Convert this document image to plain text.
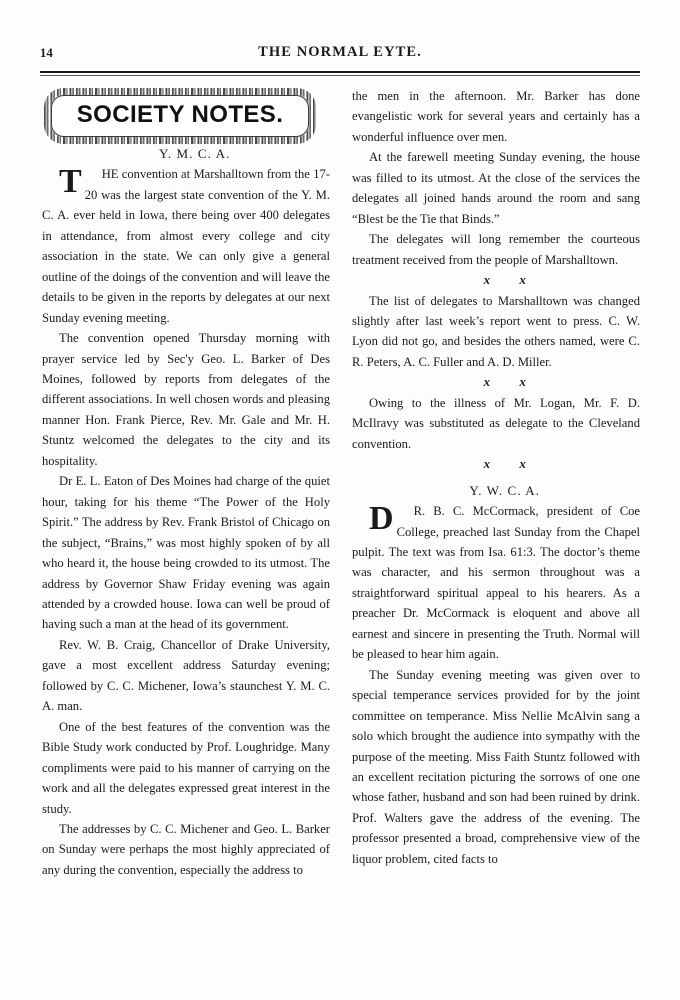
14	THE NORMAL EYTE.
SOCIETY NOTES.

Y. M. C. A.

T HE convention at Marshalltown from the 17-20 was the largest state convention of the Y. M. C. A. ever held in Iowa, there being over 400 delegates in attendance, from almost every college and city association in the state. We can only give a general outline of the doings of the convention and will leave the details to be given in the reports by delegates at our next Sunday evening meeting.

The convention opened Thursday morning with prayer service led by Sec'y Geo. L. Barker of Des Moines, followed by reports from delegates of the different associations. In well chosen words and pleasing manner Hon. Frank Pierce, Rev. Mr. Gale and Mr. H. Stuntz welcomed the delegates to the city and its hospitality.

Dr E. L. Eaton of Des Moines had charge of the quiet hour, taking for his theme “The Power of the Holy Spirit.” The address by Rev. Frank Bristol of Chicago on the subject, “Brains,” was most highly spoken of by all who heard it, the house being crowded to its utmost. The address by Governor Shaw Friday evening was again attended by a crowded house. Iowa can well be proud of having such a man at the head of its government.

Rev. W. B. Craig, Chancellor of Drake University, gave a most excellent address Saturday evening; followed by C. C. Michener, Iowa’s staunchest Y. M. C. A. man.

One of the best features of the convention was the Bible Study work conducted by Prof. Loughridge. Many compliments were paid to his manner of carrying on the work and all the delegates expressed great interest in the study.

The addresses by C. C. Michener and Geo. L. Barker on Sunday were perhaps the most highly appreciated of any during the convention, especially the address to

the men in the afternoon. Mr. Barker has done evangelistic work for several years and certainly has a wonderful influence over men.

At the farewell meeting Sunday evening, the house was filled to its utmost. At the close of the services the delegates all joined hands around the room and sang “Blest be the Tie that Binds.”

The delegates will long remember the courteous treatment received from the people of Marshalltown.

x x

The list of delegates to Marshalltown was changed slightly after last week’s report went to press. C. W. Lyon did not go, and besides the others named, were C. R. Peters, A. C. Fuller and A. D. Miller.

x x

Owing to the illness of Mr. Logan, Mr. F. D. McIlravy was substituted as delegate to the Cleveland convention.

x x

Y. W. C. A.

D R. B. C. McCormack, president of Coe College, preached last Sunday from the Chapel pulpit. The text was from Isa. 61:3. The doctor’s theme was character, and his sermon throughout was a straightforward spiritual appeal to his hearers. As a preacher Dr. McCormack is eloquent and above all earnest and sincere in presenting the Truth. Normal will be pleased to hear him again.

The Sunday evening meeting was given over to special temperance services provided for by the joint committee on temperance. Miss Nellie McAlvin sang a solo which brought the audience into sympathy with the purpose of the meeting. Miss Faith Stuntz followed with an excellent recitation picturing the sorrows of one one whose father, husband and son had been ruined by drink. Prof. Walters gave the address of the evening. The professor presented a broad, comprehensive view of the liquor problem, cited facts to
